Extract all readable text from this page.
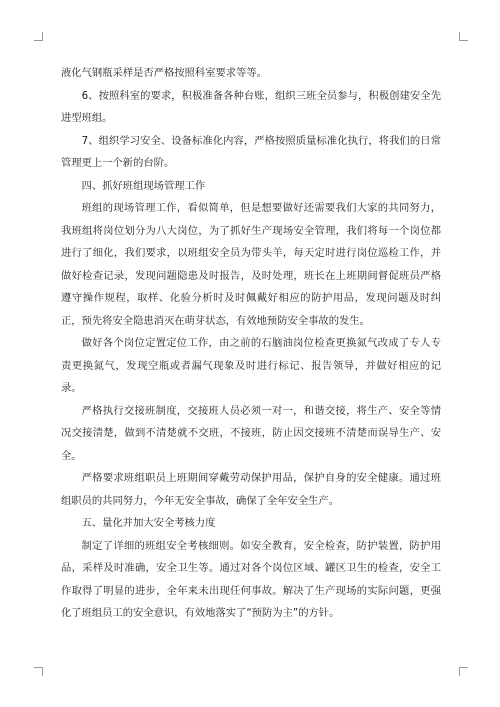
液化气钢瓶采样是否严格按照科室要求等等。

6、按照科室的要求，积极准备各种台账，组织三班全员参与，积极创建安全先进型班组。

7、组织学习安全、设备标准化内容，严格按照质量标准化执行，将我们的日常管理更上一个新的台阶。

四、抓好班组现场管理工作

班组的现场管理工作，看似简单，但是想要做好还需要我们大家的共同努力，我班组将岗位划分为八大岗位，为了抓好生产现场安全管理，我们将每一个岗位都进行了细化，我们要求，以班组安全员为带头羊，每天定时进行岗位巡检工作，并做好检查记录，发现问题隐患及时报告，及时处理，班长在上班期间督促班员严格遵守操作规程，取样、化验分析时及时佩戴好相应的防护用品，发现问题及时纠正，预先将安全隐患消灭在萌芽状态，有效地预防安全事故的发生。

做好各个岗位定置定位工作，由之前的石脑油岗位检查更换氮气改成了专人专责更换氮气，发现空瓶或者漏气现象及时进行标记、报告领导，并做好相应的记录。

严格执行交接班制度，交接班人员必须一对一，和谐交接，将生产、安全等情况交接清楚，做到不清楚就不交班，不接班，防止因交接班不清楚而误导生产、安全。

严格要求班组职员上班期间穿戴劳动保护用品，保护自身的安全健康。通过班组职员的共同努力，今年无安全事故，确保了全年安全生产。

五、量化并加大安全考核力度

制定了详细的班组安全考核细则。如安全教育，安全检查，防护装置，防护用品，采样及时准确，安全卫生等。通过对各个岗位区域、罐区卫生的检查，安全工作取得了明显的进步，全年来未出现任何事故。解决了生产现场的实际问题，更强化了班组员工的安全意识，有效地落实了“预防为主”的方针。
